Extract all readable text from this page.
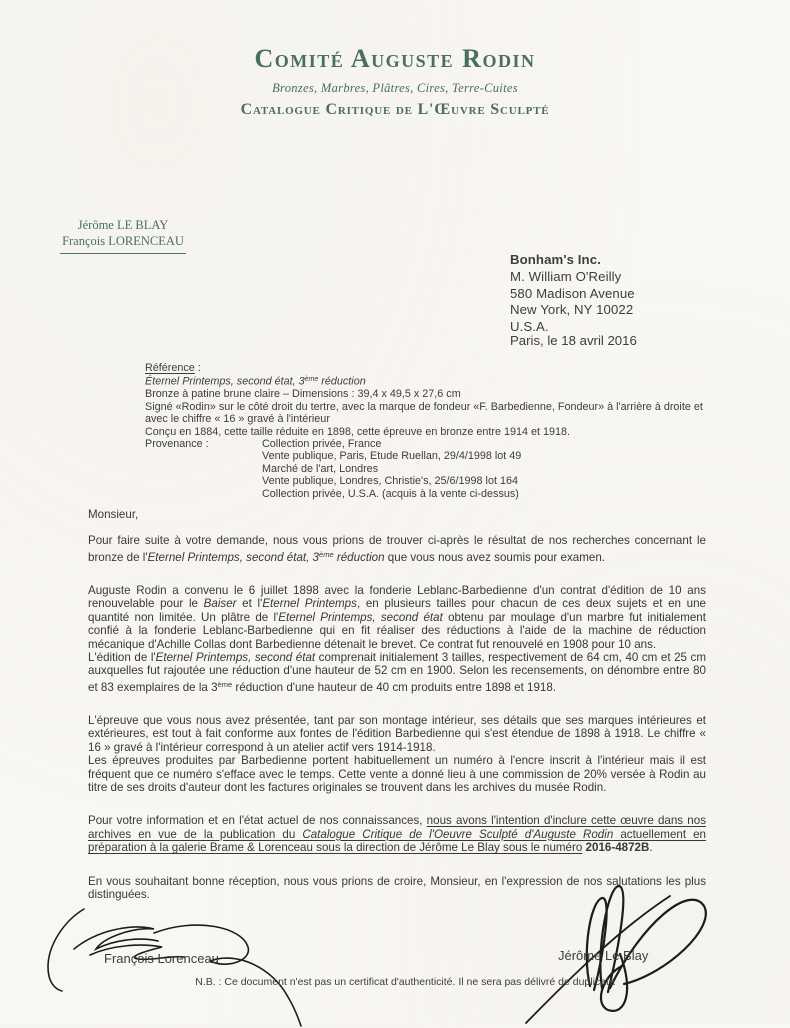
Comité Auguste Rodin
Bronzes, Marbres, Plâtres, Cires, Terre-Cuites
Catalogue Critique de L'Œuvre Sculpté
Jérôme LE BLAY
François LORENCEAU
Bonham's Inc.
M. William O'Reilly
580 Madison Avenue
New York, NY 10022
U.S.A.
Paris, le 18 avril 2016
Référence :
Éternel Printemps, second état, 3ème réduction
Bronze à patine brune claire – Dimensions : 39,4 x 49,5 x 27,6 cm
Signé «Rodin» sur le côté droit du tertre, avec la marque de fondeur «F. Barbedienne, Fondeur» à l'arrière à droite et avec le chiffre « 16 » gravé à l'intérieur
Conçu en 1884, cette taille réduite en 1898, cette épreuve en bronze entre 1914 et 1918.
Provenance :	Collection privée, France
Vente publique, Paris, Etude Ruellan, 29/4/1998 lot 49
Marché de l'art, Londres
Vente publique, Londres, Christie's, 25/6/1998 lot 164
Collection privée, U.S.A. (acquis à la vente ci-dessus)

Monsieur,

Pour faire suite à votre demande, nous vous prions de trouver ci-après le résultat de nos recherches concernant le bronze de l'Eternel Printemps, second état, 3ème réduction que vous nous avez soumis pour examen.

Auguste Rodin a convenu le 6 juillet 1898 avec la fonderie Leblanc-Barbedienne d'un contrat d'édition de 10 ans renouvelable pour le Baiser et l'Eternel Printemps, en plusieurs tailles pour chacun de ces deux sujets et en une quantité non limitée. Un plâtre de l'Eternel Printemps, second état obtenu par moulage d'un marbre fut initialement confié à la fonderie Leblanc-Barbedienne qui en fit réaliser des réductions à l'aide de la machine de réduction mécanique d'Achille Collas dont Barbedienne détenait le brevet. Ce contrat fut renouvelé en 1908 pour 10 ans.
L'édition de l'Eternel Printemps, second état comprenait initialement 3 tailles, respectivement de 64 cm, 40 cm et 25 cm auxquelles fut rajoutée une réduction d'une hauteur de 52 cm en 1900. Selon les recensements, on dénombre entre 80 et 83 exemplaires de la 3ème réduction d'une hauteur de 40 cm produits entre 1898 et 1918.

L'épreuve que vous nous avez présentée, tant par son montage intérieur, ses détails que ses marques intérieures et extérieures, est tout à fait conforme aux fontes de l'édition Barbedienne qui s'est étendue de 1898 à 1918. Le chiffre « 16 » gravé à l'intérieur correspond à un atelier actif vers 1914-1918.
Les épreuves produites par Barbedienne portent habituellement un numéro à l'encre inscrit à l'intérieur mais il est fréquent que ce numéro s'efface avec le temps. Cette vente a donné lieu à une commission de 20% versée à Rodin au titre de ses droits d'auteur dont les factures originales se trouvent dans les archives du musée Rodin.

Pour votre information et en l'état actuel de nos connaissances, nous avons l'intention d'inclure cette œuvre dans nos archives en vue de la publication du Catalogue Critique de l'Oeuvre Sculpté d'Auguste Rodin actuellement en préparation à la galerie Brame & Lorenceau sous la direction de Jérôme Le Blay sous le numéro 2016-4872B.

En vous souhaitant bonne réception, nous vous prions de croire, Monsieur, en l'expression de nos salutations les plus distinguées.

François Lorenceau	Jérôme Le Blay
N.B. : Ce document n'est pas un certificat d'authenticité. Il ne sera pas délivré de duplicata
